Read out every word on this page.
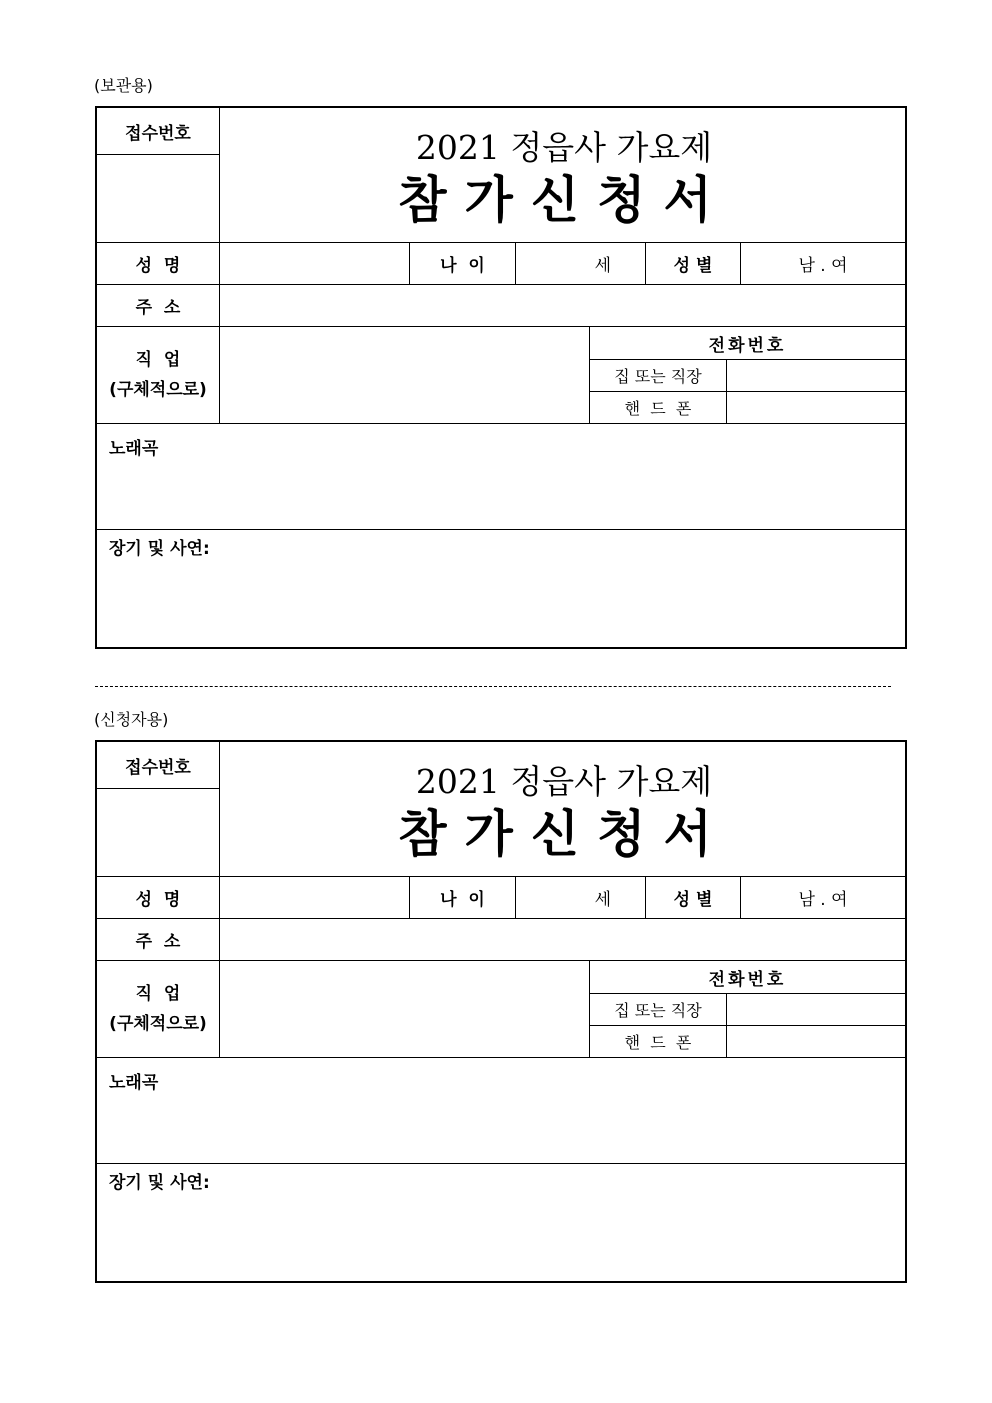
(보관용)
접수번호	2021 정읍사 가요제
참가신청서
성  명	나  이	세	성 별	남 . 여
주  소
직  업
(구체적으로)
전화번호
집 또는 직장
핸  드  폰
노래곡
장기 및 사연:
(신청자용)
접수번호	2021 정읍사 가요제
참가신청서
성  명	나  이	세	성 별	남 . 여
주  소
직  업
(구체적으로)
전화번호
집 또는 직장
핸  드  폰
노래곡
장기 및 사연:
